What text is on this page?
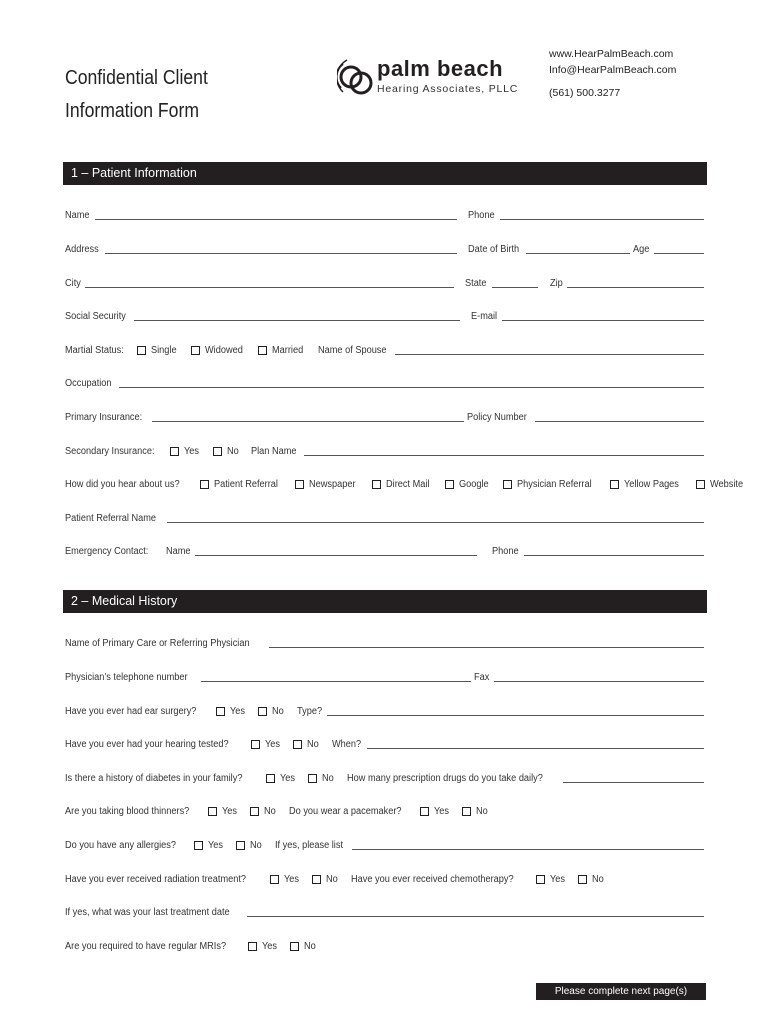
Confidential Client
Information Form
palm beach
Hearing Associates, PLLC
www.HearPalmBeach.com
Info@HearPalmBeach.com
(561) 500.3277
1 – Patient Information
Name	Phone
Address	Date of Birth	Age
City	State	Zip
Social Security	E-mail
Martial Status:	Single	Widowed	Married Name of Spouse
Occupation
Primary Insurance:	Policy Number
Secondary Insurance:	Yes	No Plan Name
How did you hear about us?	Patient Referral	Newspaper	Direct Mail	Google	Physician Referral	Yellow Pages	Website
Patient Referral Name
Emergency Contact: Name	Phone
2 – Medical History
Name of Primary Care or Referring Physician
Physician’s telephone number	Fax
Have you ever had ear surgery?	Yes	No Type?
Have you ever had your hearing tested?	Yes	No When?
Is there a history of diabetes in your family?	Yes	No How many prescription drugs do you take daily?
Are you taking blood thinners?	Yes	No Do you wear a pacemaker?	Yes	No
Do you have any allergies?	Yes	No If yes, please list
Have you ever received radiation treatment?	Yes	No Have you ever received chemotherapy?	Yes	No
If yes, what was your last treatment date
Are you required to have regular MRIs?	Yes	No
Please complete next page(s)
